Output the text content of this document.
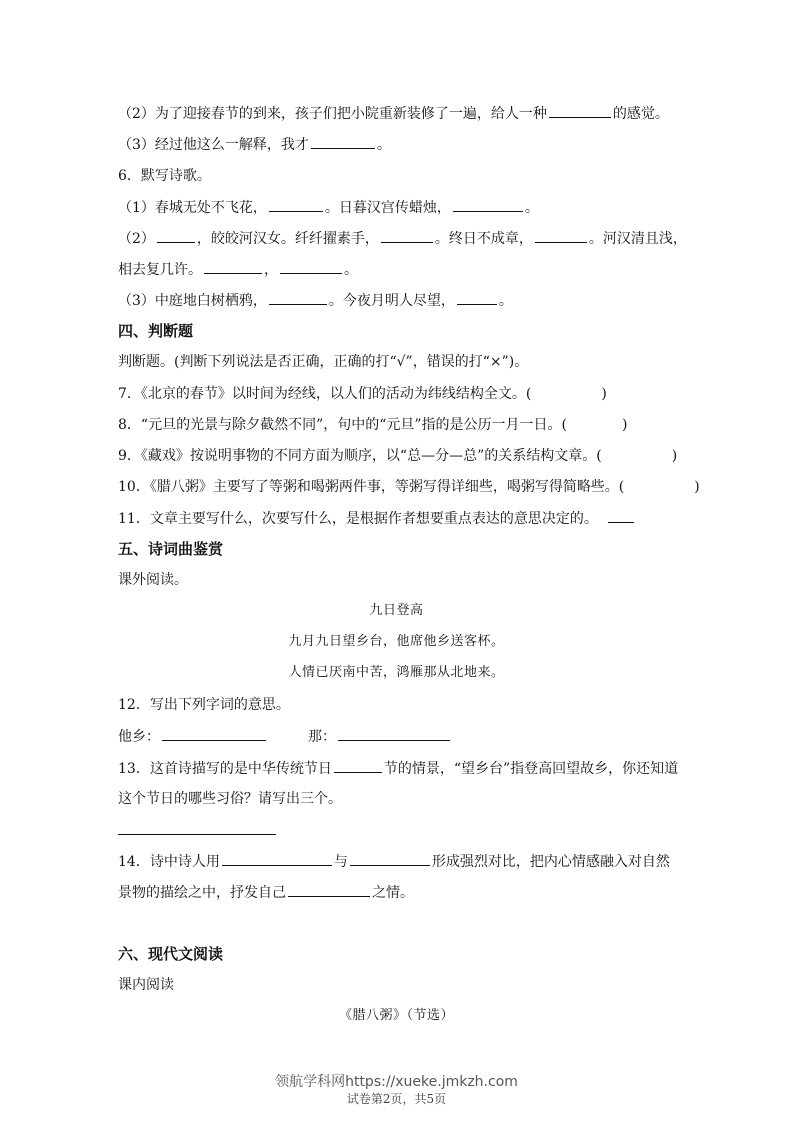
（2）为了迎接春节的到来，孩子们把小院重新装修了一遍，给人一种	的感觉。
（3）经过他这么一解释，我才	。
6．默写诗歌。
（1）春城无处不飞花，	。日暮汉宫传蜡烛，	。
（2）	，皎皎河汉女。纤纤擢素手，	。终日不成章，	。河汉清且浅，
相去复几许。	，	。
（3）中庭地白树栖鸦，	。今夜月明人尽望，	。
四、判断题
判断题。(判断下列说法是否正确，正确的打“√”，错误的打“×”)。
7．《北京的春节》以时间为经线，以人们的活动为纬线结构全文。(	)
8．“元旦的光景与除夕截然不同”，句中的“元旦”指的是公历一月一日。(	)
9．《藏戏》按说明事物的不同方面为顺序，以“总—分—总”的关系结构文章。(	)
10．《腊八粥》主要写了等粥和喝粥两件事，等粥写得详细些，喝粥写得简略些。(	)
11．文章主要写什么，次要写什么，是根据作者想要重点表达的意思决定的。
五、诗词曲鉴赏
课外阅读。
九日登高
九月九日望乡台，他席他乡送客杯。
人情已厌南中苦，鸿雁那从北地来。
12．写出下列字词的意思。
他乡：	那：
13．这首诗描写的是中华传统节日	节的情景，“望乡台”指登高回望故乡，你还知道
这个节日的哪些习俗？请写出三个。
14．诗中诗人用	与	形成强烈对比，把内心情感融入对自然
景物的描绘之中，抒发自己	之情。
六、现代文阅读
课内阅读
《腊八粥》（节选）
领航学科网https://xueke.jmkzh.com
试卷第2页，共5页
